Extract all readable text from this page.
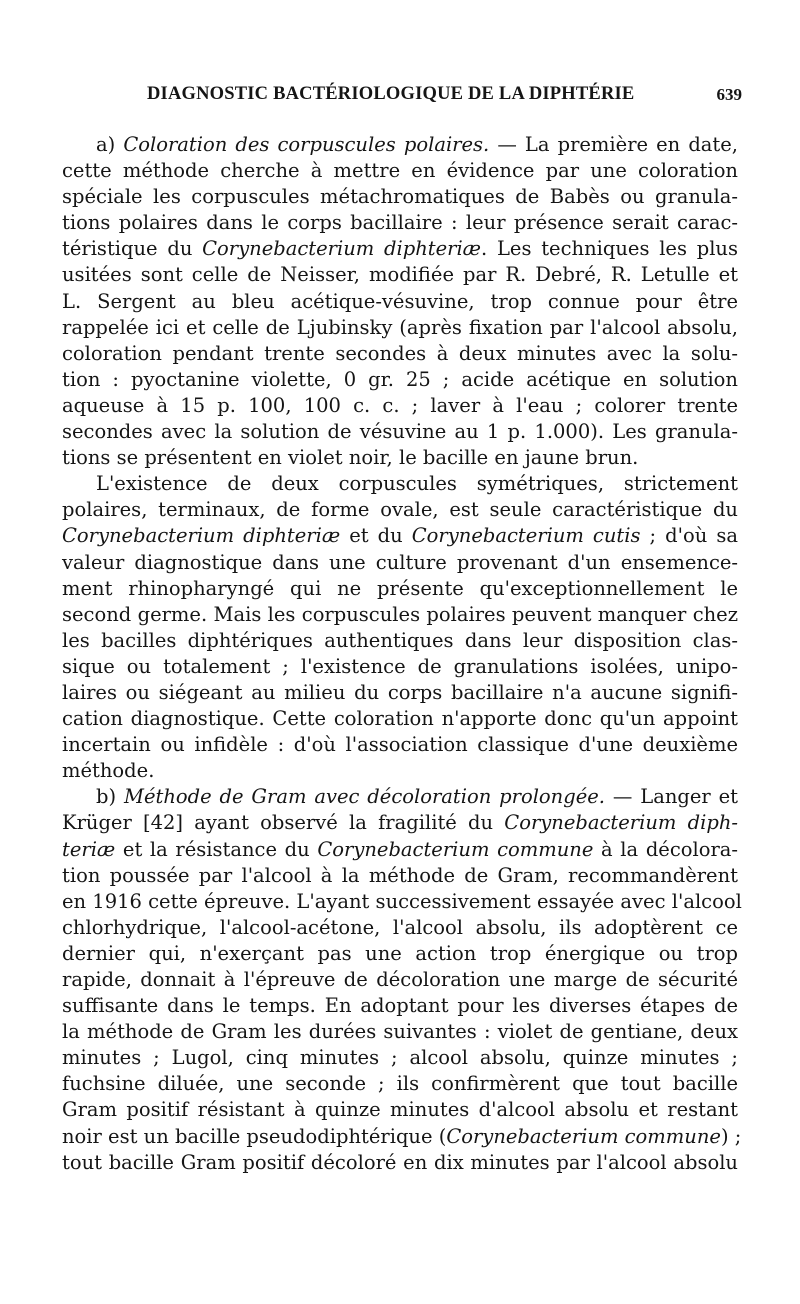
DIAGNOSTIC BACTÉRIOLOGIQUE DE LA DIPHTÉRIE	639

a) Coloration des corpuscules polaires. — La première en date,
cette méthode cherche à mettre en évidence par une coloration
spéciale les corpuscules métachromatiques de Babès ou granula-
tions polaires dans le corps bacillaire : leur présence serait carac-
téristique du Corynebacterium diphteriæ. Les techniques les plus
usitées sont celle de Neisser, modifiée par R. Debré, R. Letulle et
L. Sergent au bleu acétique-vésuvine, trop connue pour être
rappelée ici et celle de Ljubinsky (après fixation par l'alcool absolu,
coloration pendant trente secondes à deux minutes avec la solu-
tion : pyoctanine violette, 0 gr. 25 ; acide acétique en solution
aqueuse à 15 p. 100, 100 c. c. ; laver à l'eau ; colorer trente
secondes avec la solution de vésuvine au 1 p. 1.000). Les granula-
tions se présentent en violet noir, le bacille en jaune brun.

L'existence de deux corpuscules symétriques, strictement
polaires, terminaux, de forme ovale, est seule caractéristique du
Corynebacterium diphteriæ et du Corynebacterium cutis ; d'où sa
valeur diagnostique dans une culture provenant d'un ensemence-
ment rhinopharyngé qui ne présente qu'exceptionnellement le
second germe. Mais les corpuscules polaires peuvent manquer chez
les bacilles diphtériques authentiques dans leur disposition clas-
sique ou totalement ; l'existence de granulations isolées, unipo-
laires ou siégeant au milieu du corps bacillaire n'a aucune signifi-
cation diagnostique. Cette coloration n'apporte donc qu'un appoint
incertain ou infidèle : d'où l'association classique d'une deuxième
méthode.

b) Méthode de Gram avec décoloration prolongée. — Langer et
Krüger [42] ayant observé la fragilité du Corynebacterium diph-
teriæ et la résistance du Corynebacterium commune à la décolora-
tion poussée par l'alcool à la méthode de Gram, recommandèrent
en 1916 cette épreuve. L'ayant successivement essayée avec l'alcool
chlorhydrique, l'alcool-acétone, l'alcool absolu, ils adoptèrent ce
dernier qui, n'exerçant pas une action trop énergique ou trop
rapide, donnait à l'épreuve de décoloration une marge de sécurité
suffisante dans le temps. En adoptant pour les diverses étapes de
la méthode de Gram les durées suivantes : violet de gentiane, deux
minutes ; Lugol, cinq minutes ; alcool absolu, quinze minutes ;
fuchsine diluée, une seconde ; ils confirmèrent que tout bacille
Gram positif résistant à quinze minutes d'alcool absolu et restant
noir est un bacille pseudodiphtérique (Corynebacterium commune) ;
tout bacille Gram positif décoloré en dix minutes par l'alcool absolu
